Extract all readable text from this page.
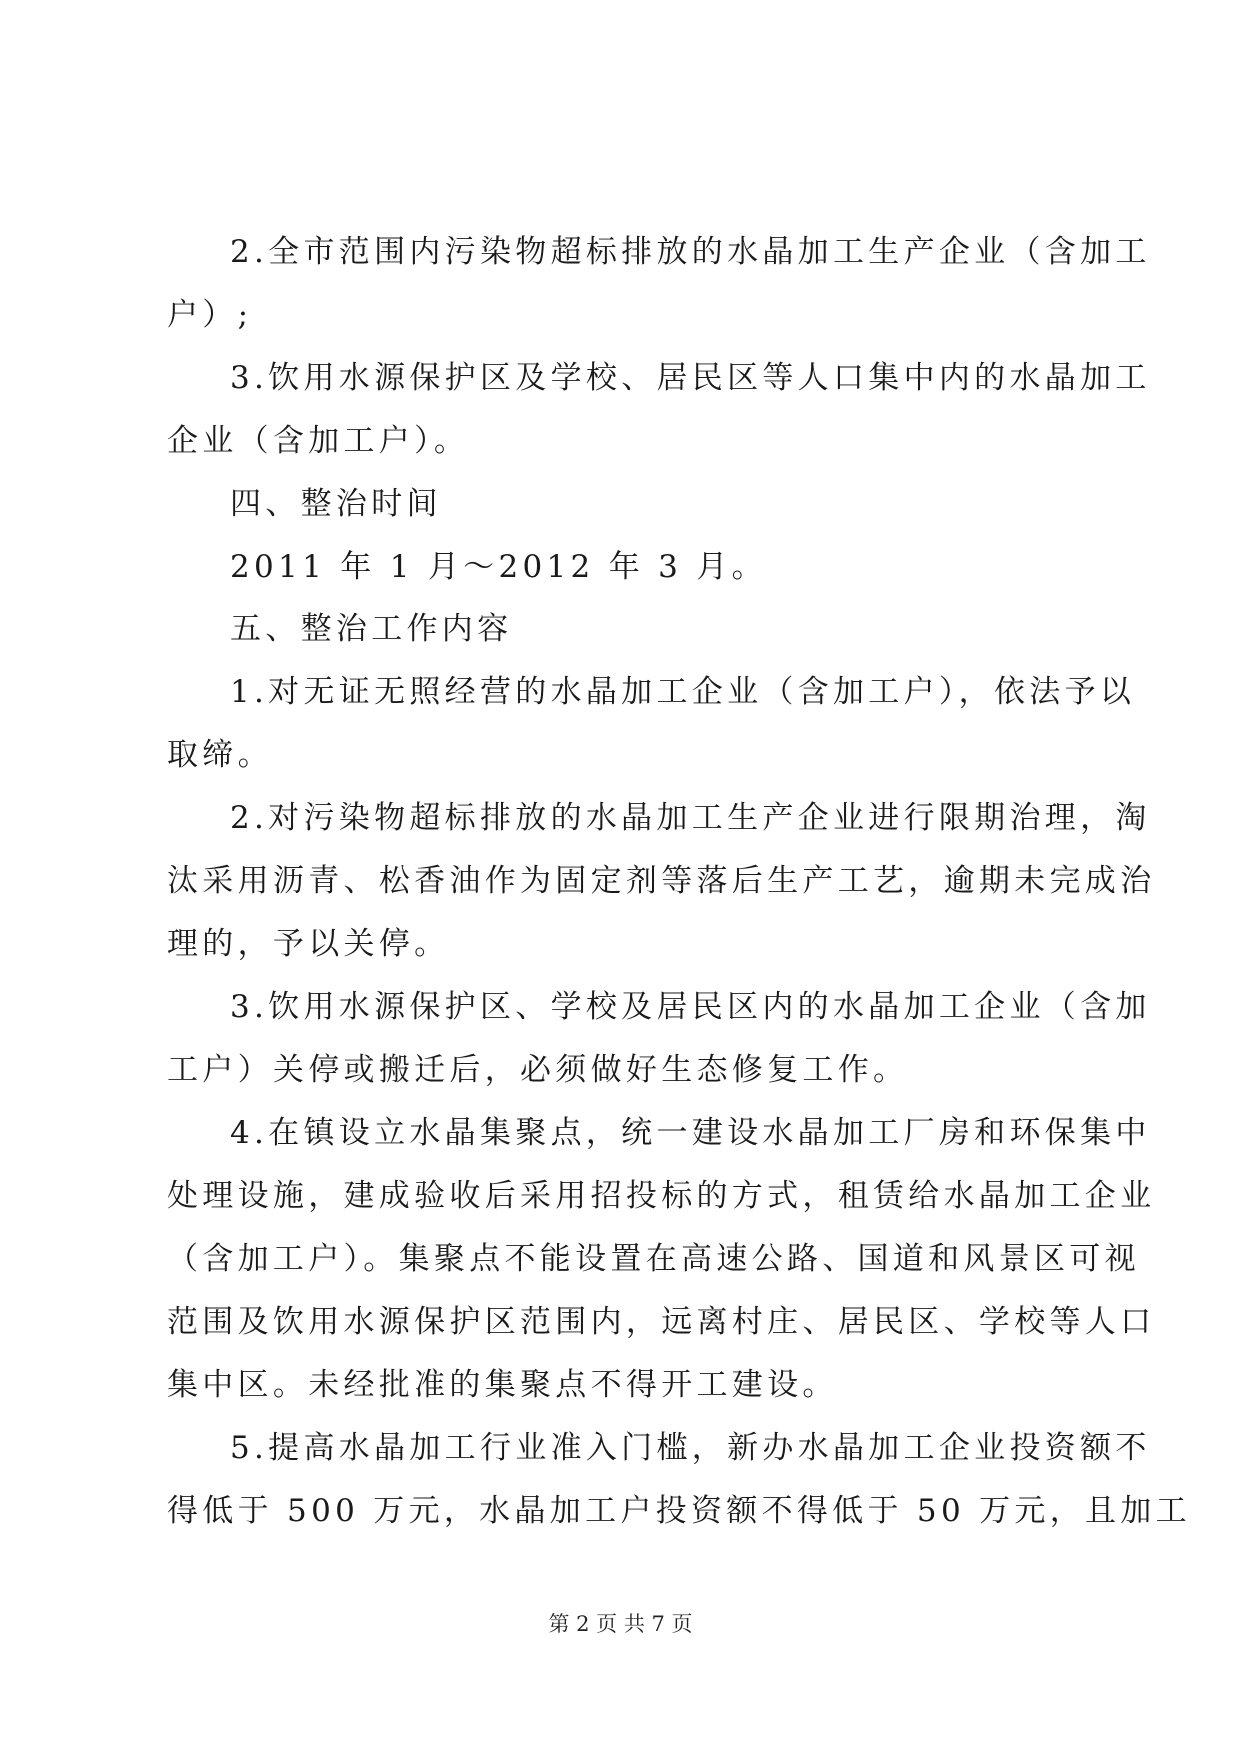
2.全市范围内污染物超标排放的水晶加工生产企业（含加工
户）;
3.饮用水源保护区及学校、居民区等人口集中内的水晶加工
企业（含加工户）。
四、整治时间
2011 年 1 月～2012 年 3 月。
五、整治工作内容
1.对无证无照经营的水晶加工企业（含加工户），依法予以
取缔。
2.对污染物超标排放的水晶加工生产企业进行限期治理，淘
汰采用沥青、松香油作为固定剂等落后生产工艺，逾期未完成治
理的，予以关停。
3.饮用水源保护区、学校及居民区内的水晶加工企业（含加
工户）关停或搬迁后，必须做好生态修复工作。
4.在镇设立水晶集聚点，统一建设水晶加工厂房和环保集中
处理设施，建成验收后采用招投标的方式，租赁给水晶加工企业
（含加工户）。集聚点不能设置在高速公路、国道和风景区可视
范围及饮用水源保护区范围内，远离村庄、居民区、学校等人口
集中区。未经批准的集聚点不得开工建设。
5.提高水晶加工行业准入门槛，新办水晶加工企业投资额不
得低于 500 万元，水晶加工户投资额不得低于 50 万元，且加工
第 2 页 共 7 页
